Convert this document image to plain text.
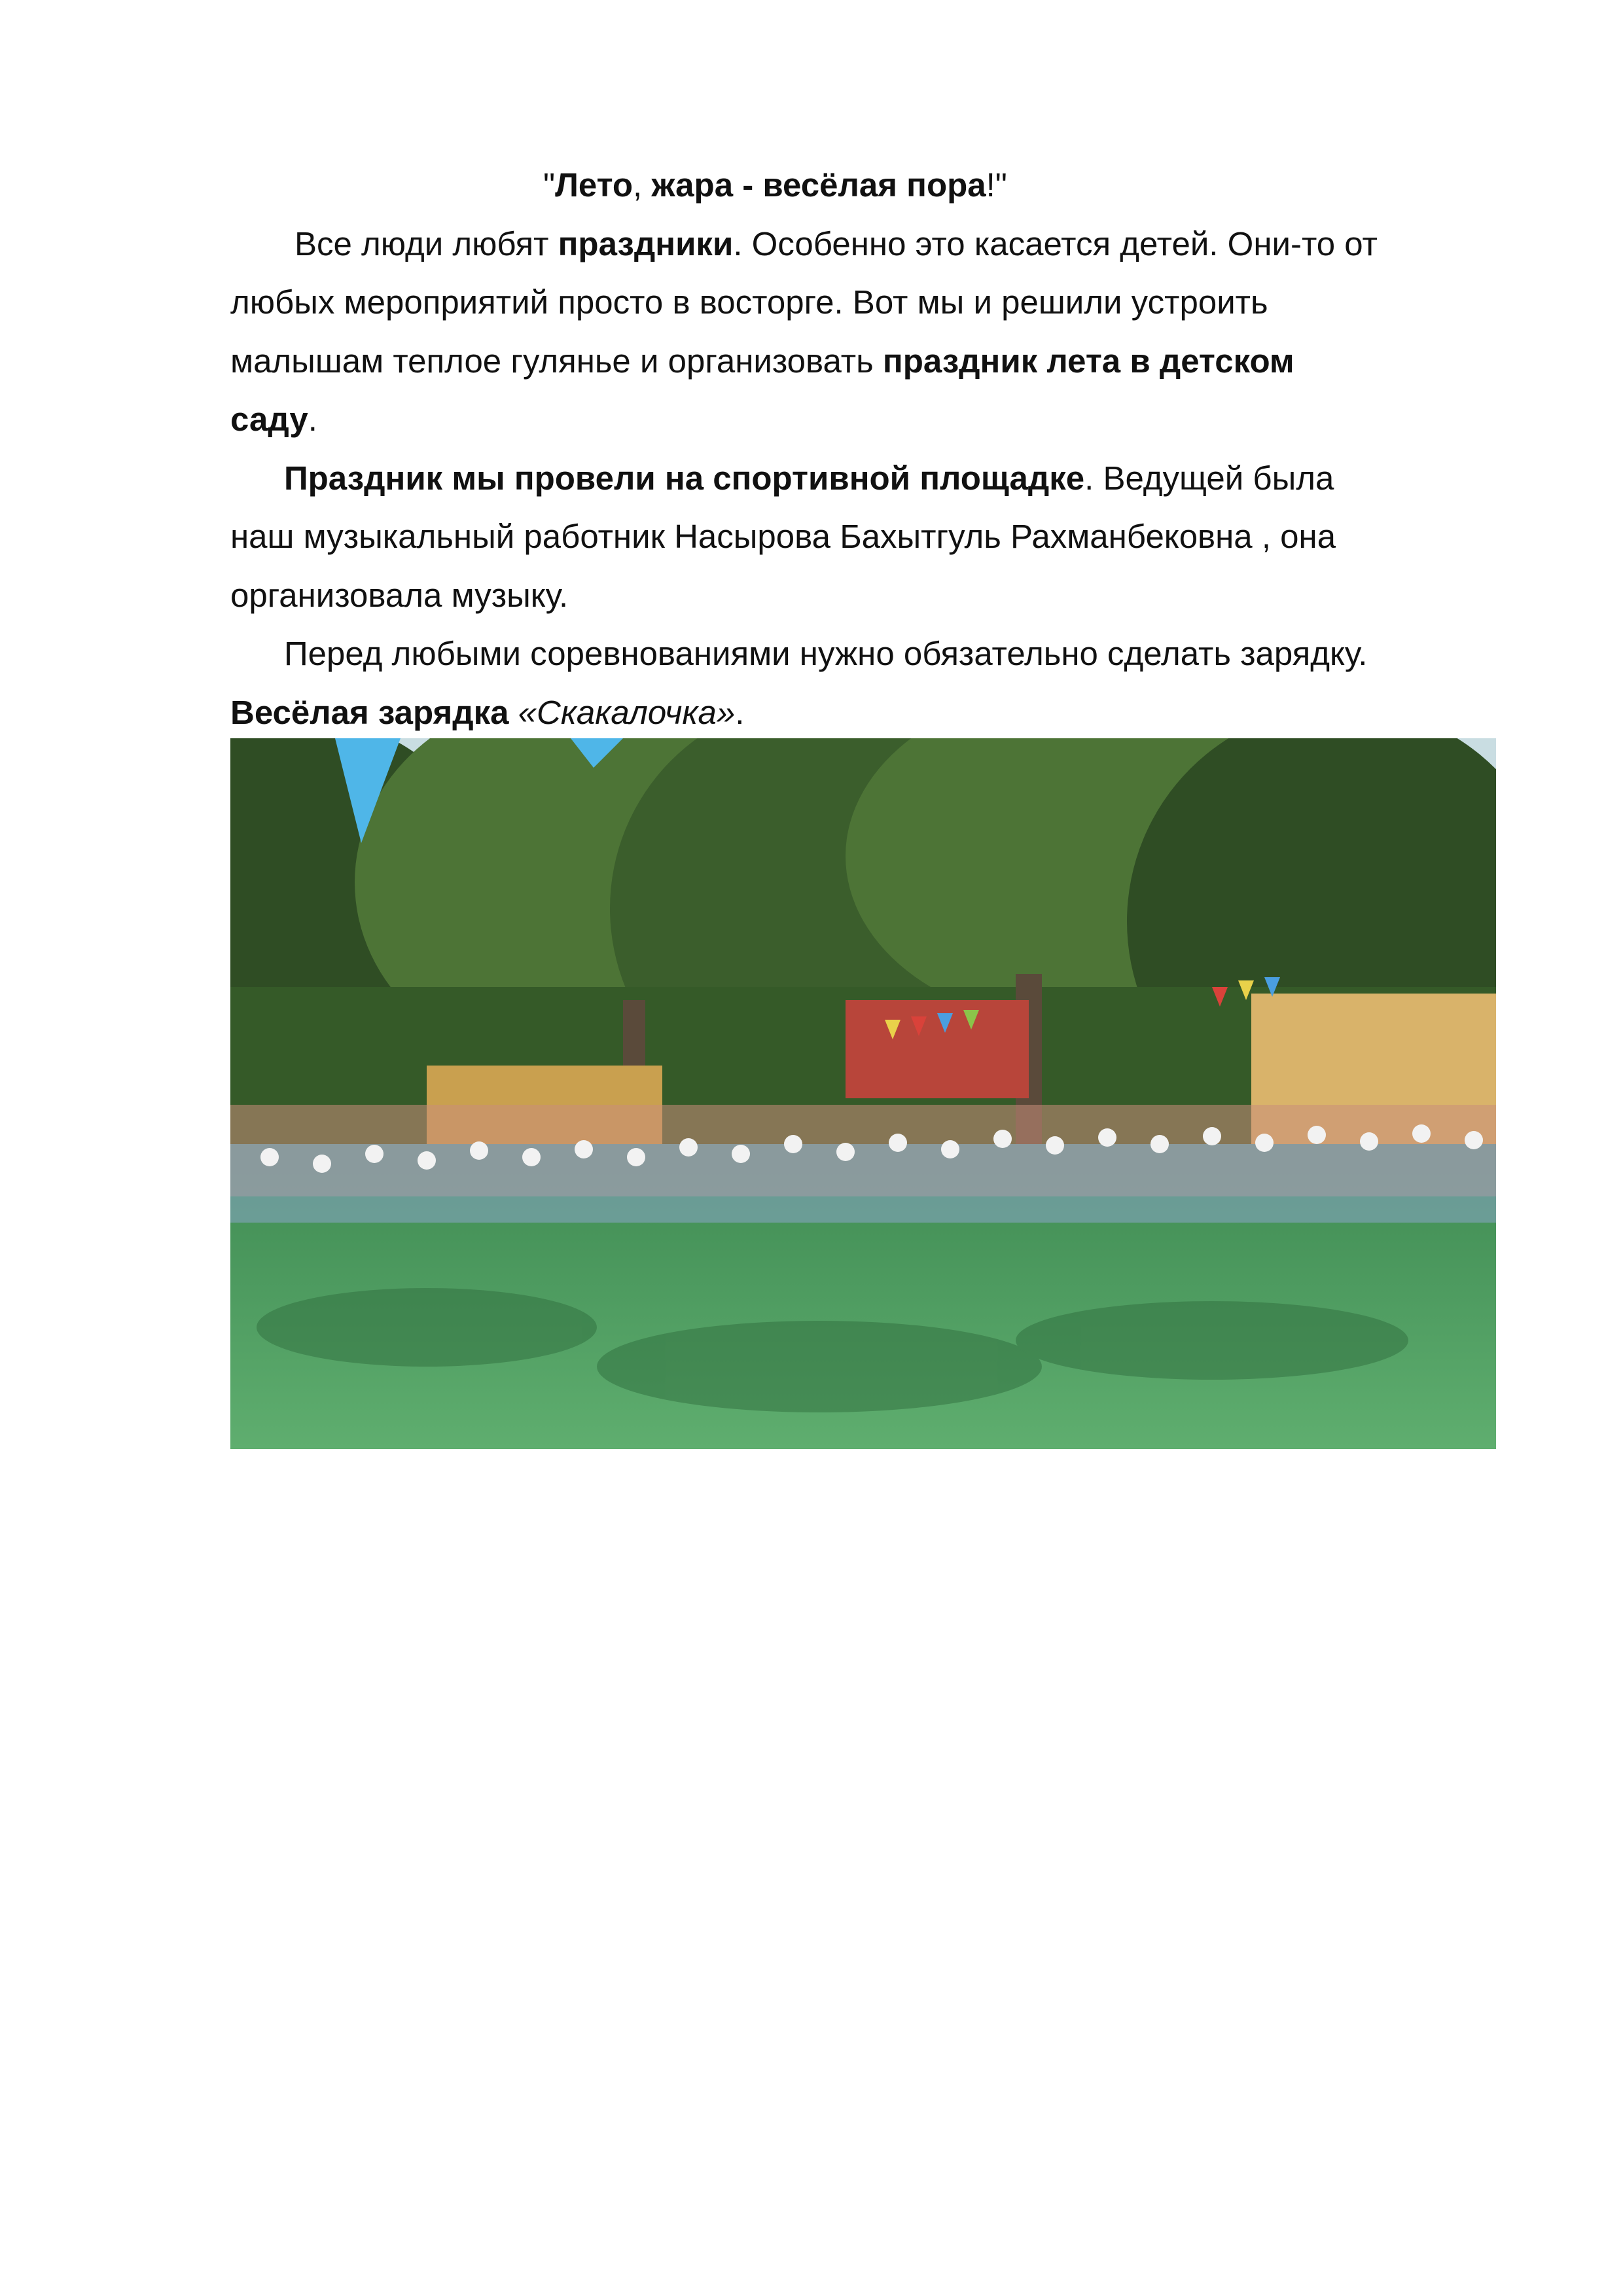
"Лето, жара - весёлая пора!"
Все люди любят праздники. Особенно это касается детей. Они-то от
любых мероприятий просто в восторге. Вот мы и решили устроить
малышам теплое гулянье и организовать праздник лета в детском
саду.
Праздник мы провели на спортивной площадке. Ведущей была
наш музыкальный работник Насырова Бахытгуль Рахманбековна , она
организовала музыку.
Перед любыми соревнованиями нужно обязательно сделать зарядку.
Весёлая зарядка «Скакалочка».
